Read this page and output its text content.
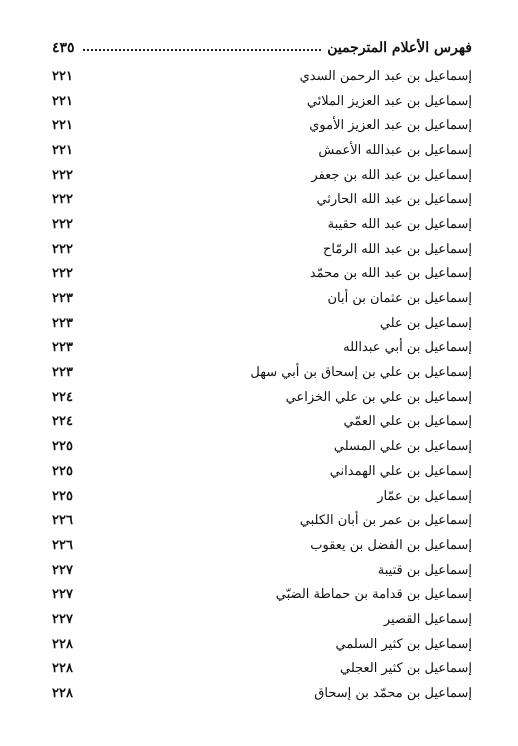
فهرس الأعلام المترجمين
٤٣٥
إسماعيل بن عبد الرحمن السدي
٢٢١
إسماعيل بن عبد العزيز الملائي
٢٢١
إسماعيل بن عبد العزيز الأموي
٢٢١
إسماعيل بن عبدالله الأعمش
٢٢١
إسماعيل بن عبد الله بن جعفر
٢٢٢
إسماعيل بن عبد الله الحارثي
٢٢٢
إسماعيل بن عبد الله حقيبة
٢٢٢
إسماعيل بن عبد الله الرمّاح
٢٢٢
إسماعيل بن عبد الله بن محمّد
٢٢٢
إسماعيل بن عثمان بن أبان
٢٢٣
إسماعيل بن علي
٢٢٣
إسماعيل بن أبي عبدالله
٢٢٣
إسماعيل بن علي بن إسحاق بن أبي سهل
٢٢٣
إسماعيل بن علي بن علي الخزاعي
٢٢٤
إسماعيل بن علي العمّي
٢٢٤
إسماعيل بن علي المسلي
٢٢٥
إسماعيل بن علي الهمداني
٢٢٥
إسماعيل بن عمّار
٢٢٥
إسماعيل بن عمر بن أبان الكلبي
٢٢٦
إسماعيل بن الفضل بن يعقوب
٢٢٦
إسماعيل بن قتيبة
٢٢٧
إسماعيل بن قدامة بن حماطة الضبّي
٢٢٧
إسماعيل القصير
٢٢٧
إسماعيل بن كثير السلمي
٢٢٨
إسماعيل بن كثير العجلي
٢٢٨
إسماعيل بن محمّد بن إسحاق
٢٢٨
